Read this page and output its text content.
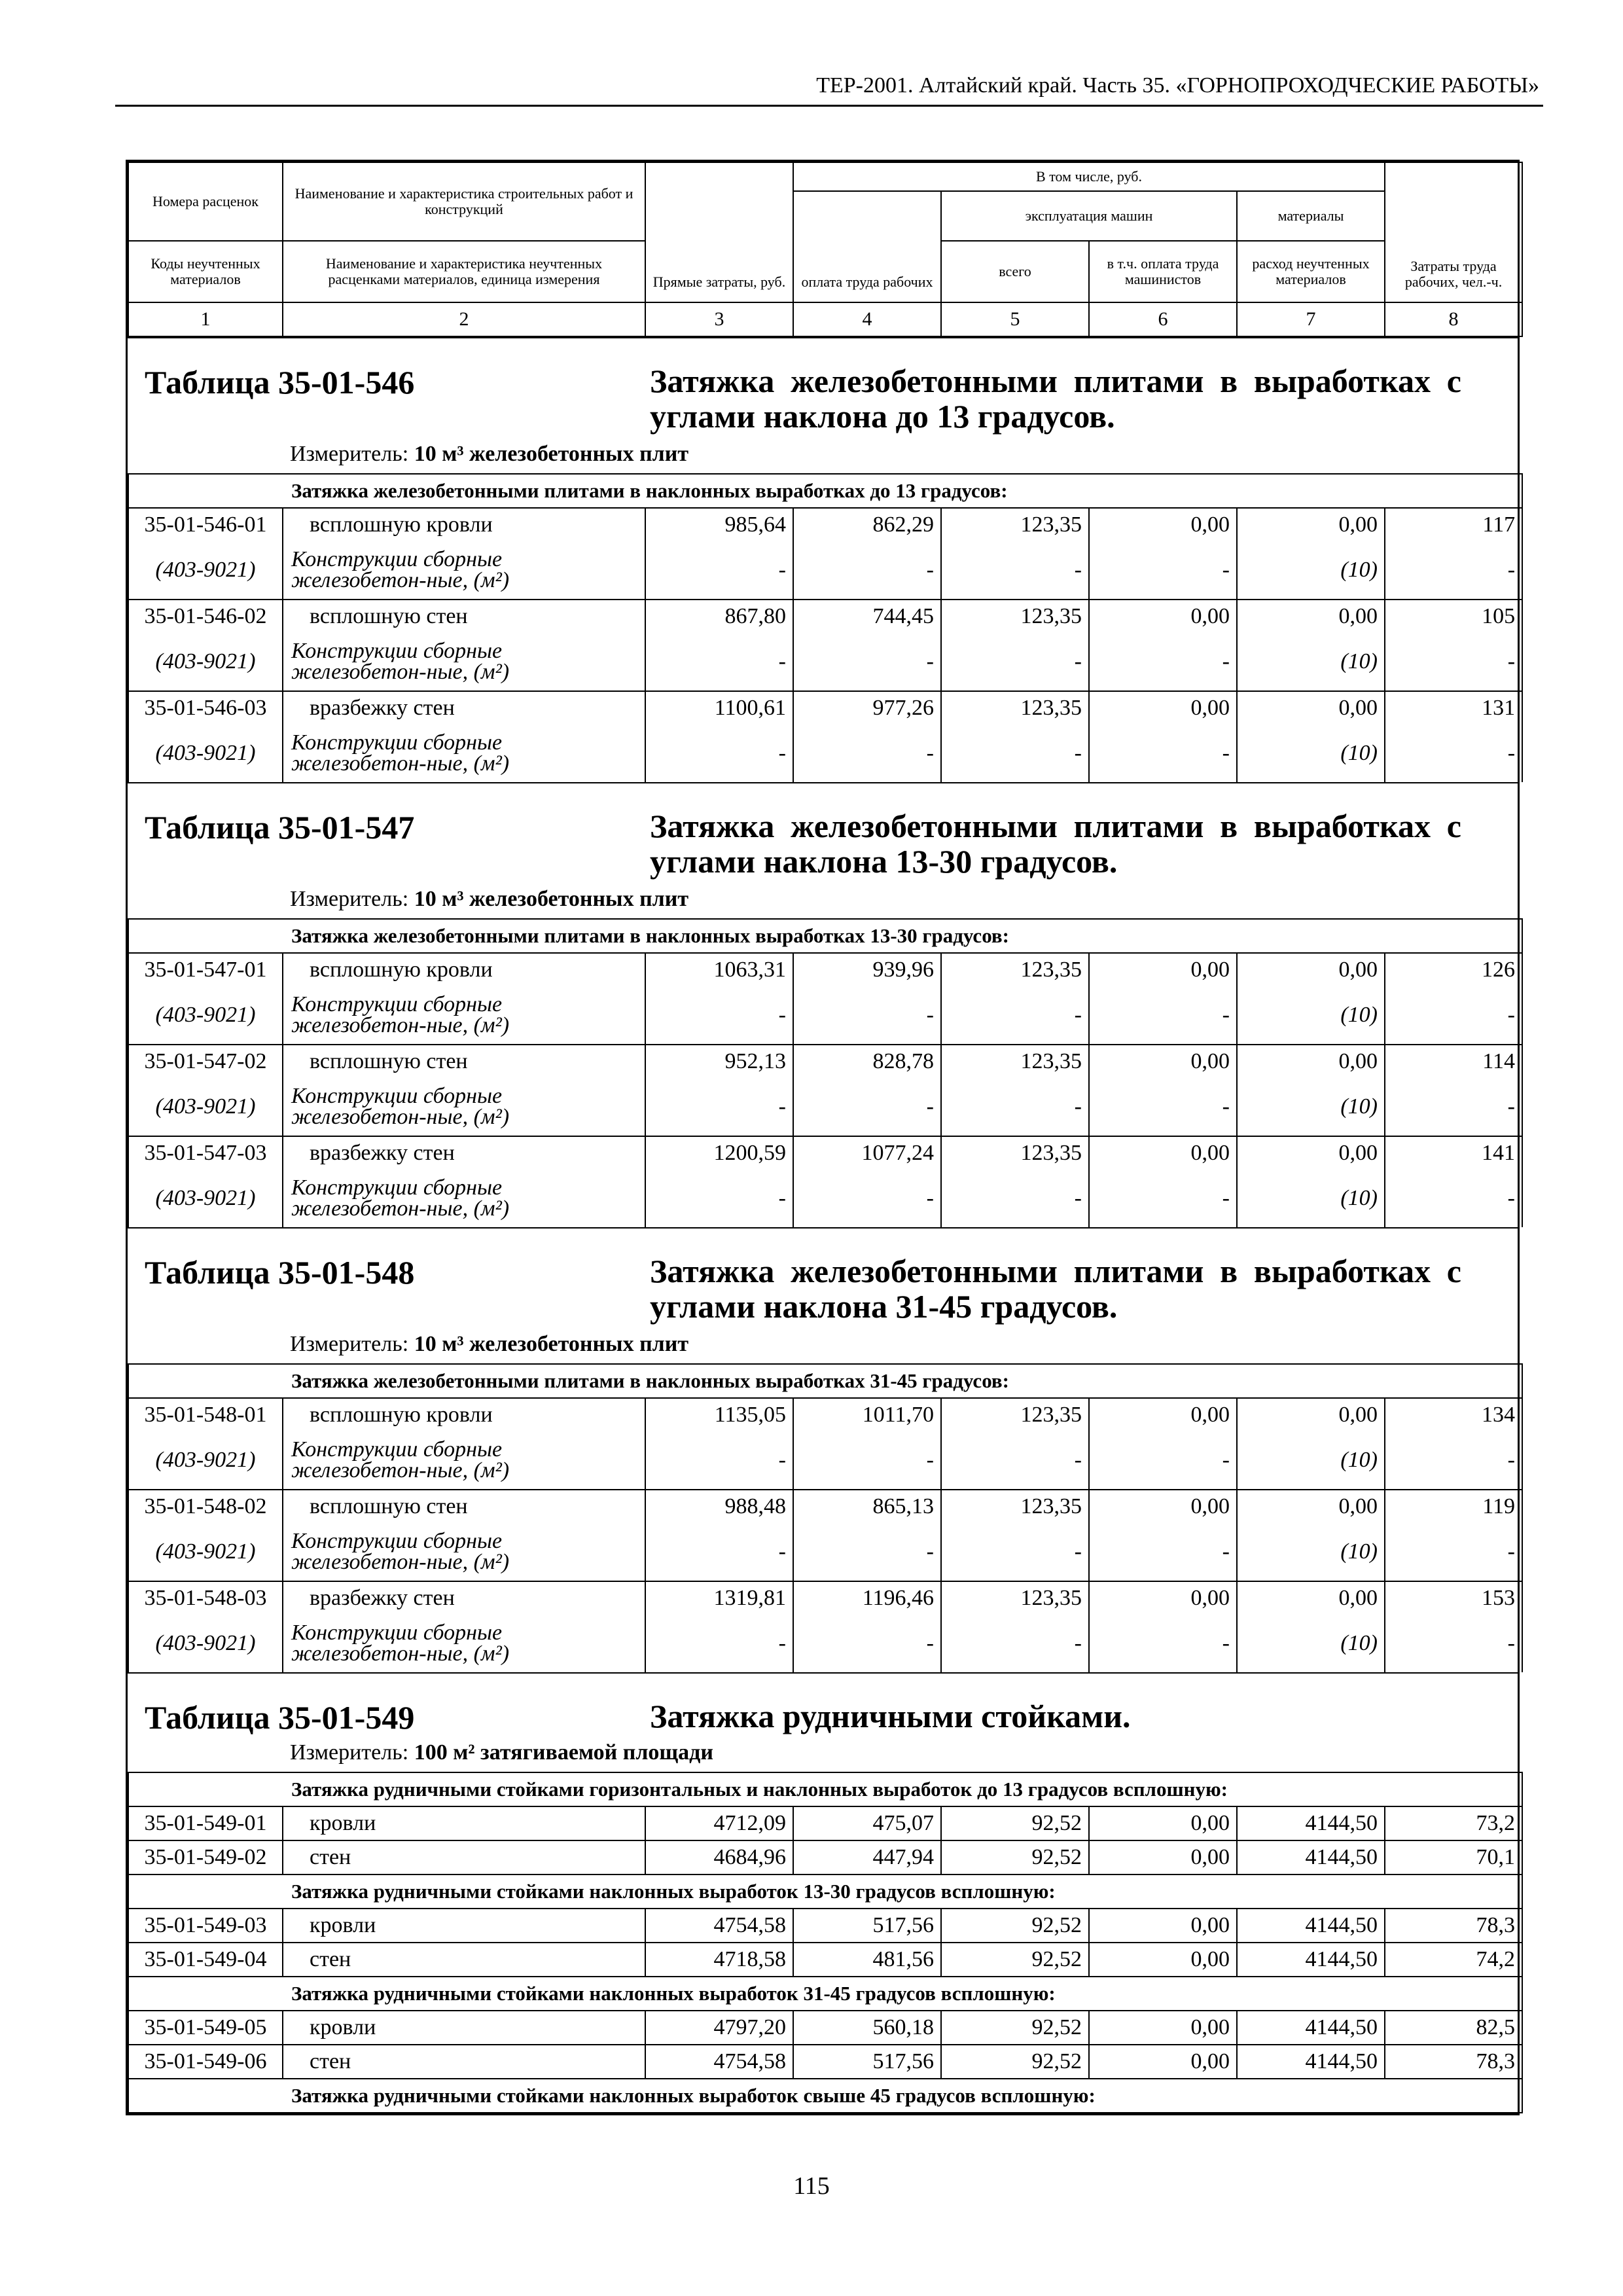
ТЕР-2001. Алтайский край. Часть 35. «ГОРНОПРОХОДЧЕСКИЕ РАБОТЫ»
Номера расценок	Наименование и характеристика строительных работ и конструкций	Прямые затраты, руб.	В том числе, руб.				Затраты труда рабочих, чел.-ч.
			оплата труда рабочих	эксплуатация машин		материалы	
Коды неучтенных материалов	Наименование и характеристика неучтенных расценками материалов, единица измерения			всего	в т.ч. оплата труда машинистов	расход неучтенных материалов	
1	2	3	4	5	6	7	8
Таблица 35-01-546	Затяжка железобетонными плитами в выработках с углами наклона до 13 градусов.
Измеритель: 10 м³ железобетонных плит
Затяжка железобетонными плитами в наклонных выработках до 13 градусов:							
35-01-546-01	всплошную кровли	985,64	862,29	123,35	0,00	0,00	117
(403-9021)	Конструкции сборные железобетон-ные, (м²)	-	-	-	-	(10)	-
35-01-546-02	всплошную стен	867,80	744,45	123,35	0,00	0,00	105
(403-9021)	Конструкции сборные железобетон-ные, (м²)	-	-	-	-	(10)	-
35-01-546-03	вразбежку стен	1100,61	977,26	123,35	0,00	0,00	131
(403-9021)	Конструкции сборные железобетон-ные, (м²)	-	-	-	-	(10)	-
Таблица 35-01-547	Затяжка железобетонными плитами в выработках с углами наклона 13-30 градусов.
Измеритель: 10 м³ железобетонных плит
Затяжка железобетонными плитами в наклонных выработках 13-30 градусов:							
35-01-547-01	всплошную кровли	1063,31	939,96	123,35	0,00	0,00	126
(403-9021)	Конструкции сборные железобетон-ные, (м²)	-	-	-	-	(10)	-
35-01-547-02	всплошную стен	952,13	828,78	123,35	0,00	0,00	114
(403-9021)	Конструкции сборные железобетон-ные, (м²)	-	-	-	-	(10)	-
35-01-547-03	вразбежку стен	1200,59	1077,24	123,35	0,00	0,00	141
(403-9021)	Конструкции сборные железобетон-ные, (м²)	-	-	-	-	(10)	-
Таблица 35-01-548	Затяжка железобетонными плитами в выработках с углами наклона 31-45 градусов.
Измеритель: 10 м³ железобетонных плит
Затяжка железобетонными плитами в наклонных выработках 31-45 градусов:							
35-01-548-01	всплошную кровли	1135,05	1011,70	123,35	0,00	0,00	134
(403-9021)	Конструкции сборные железобетон-ные, (м²)	-	-	-	-	(10)	-
35-01-548-02	всплошную стен	988,48	865,13	123,35	0,00	0,00	119
(403-9021)	Конструкции сборные железобетон-ные, (м²)	-	-	-	-	(10)	-
35-01-548-03	вразбежку стен	1319,81	1196,46	123,35	0,00	0,00	153
(403-9021)	Конструкции сборные железобетон-ные, (м²)	-	-	-	-	(10)	-
Таблица 35-01-549	Затяжка рудничными стойками.
Измеритель: 100 м² затягиваемой площади
Затяжка рудничными стойками горизонтальных и наклонных выработок до 13 градусов всплошную:							
35-01-549-01	кровли	4712,09	475,07	92,52	0,00	4144,50	73,2
35-01-549-02	стен	4684,96	447,94	92,52	0,00	4144,50	70,1
Затяжка рудничными стойками наклонных выработок 13-30 градусов всплошную:							
35-01-549-03	кровли	4754,58	517,56	92,52	0,00	4144,50	78,3
35-01-549-04	стен	4718,58	481,56	92,52	0,00	4144,50	74,2
Затяжка рудничными стойками наклонных выработок 31-45 градусов всплошную:							
35-01-549-05	кровли	4797,20	560,18	92,52	0,00	4144,50	82,5
35-01-549-06	стен	4754,58	517,56	92,52	0,00	4144,50	78,3
Затяжка рудничными стойками наклонных выработок свыше 45 градусов всплошную:							
115
